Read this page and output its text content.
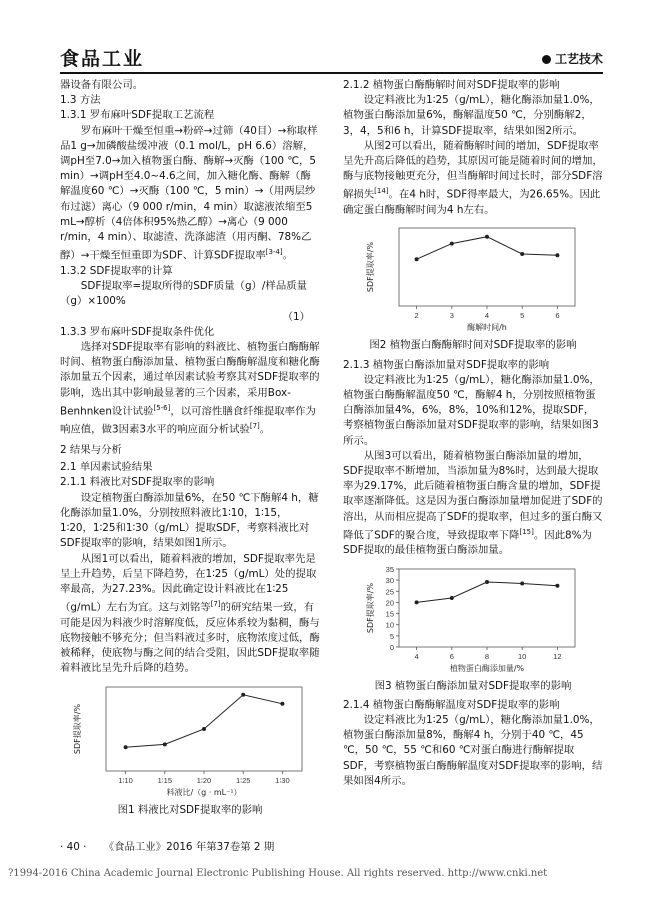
食品工业	工艺技术

器设备有限公司。

1.3 方法

1.3.1 罗布麻叶SDF提取工艺流程

罗布麻叶干燥至恒重→粉碎→过筛（40目）→称取样品1 g→加磷酸盐缓冲液（0.1 mol/L，pH 6.6）溶解，调pH至7.0→加入植物蛋白酶、酶解→灭酶（100 ℃，5 min）→调pH至4.0~4.6之间，加入糖化酶、酶解（酶解温度60 ℃）→灭酶（100 ℃，5 min）→（用两层纱布过滤）离心（9 000 r/min，4 min）取滤液浓缩至5 mL→醇析（4倍体积95%热乙醇）→离心（9 000 r/min，4 min）、取滤渣、洗涤滤渣（用丙酮、78%乙醇）→干燥至恒重即为SDF、计算SDF提取率[3-4]。

1.3.2 SDF提取率的计算

SDF提取率=提取所得的SDF质量（g）/样品质量（g）×100%

（1）

1.3.3 罗布麻叶SDF提取条件优化

选择对SDF提取率有影响的料液比、植物蛋白酶酶解时间、植物蛋白酶添加量、植物蛋白酶酶解温度和糖化酶添加量五个因素，通过单因素试验考察其对SDF提取率的影响，选出其中影响最显著的三个因素，采用Box-Benhnken设计试验[5-6]，以可溶性膳食纤维提取率作为响应值，做3因素3水平的响应面分析试验[7]。

2 结果与分析

2.1 单因素试验结果

2.1.1 料液比对SDF提取率的影响

设定植物蛋白酶添加量6%，在50 ℃下酶解4 h，糖化酶添加量1.0%，分别按照料液比1∶10，1∶15，1∶20，1∶25和1∶30（g/mL）提取SDF，考察料液比对SDF提取率的影响，结果如图1所示。

从图1可以看出，随着料液的增加，SDF提取率先是呈上升趋势，后呈下降趋势，在1∶25（g/mL）处的提取率最高，为27.23%。因此确定设计料液比在1∶25（g/mL）左右为宜。这与刘铭等[7]的研究结果一致，有可能是因为料液少时溶解度低，反应体系较为黏稠，酶与底物接触不够充分；但当料液过多时，底物浓度过低，酶被稀释，使底物与酶之间的结合受阻，因此SDF提取率随着料液比呈先升后降的趋势。

1∶10	1∶15	1∶20	1∶25	1∶30
料液比/（g · mL⁻¹）
SDF提取率/%

图1 料液比对SDF提取率的影响

2.1.2 植物蛋白酶酶解时间对SDF提取率的影响

设定料液比为1∶25（g/mL），糖化酶添加量1.0%，植物蛋白酶添加量6%，酶解温度50 ℃，分别酶解2，3，4，5和6 h，计算SDF提取率，结果如图2所示。

从图2可以看出，随着酶解时间的增加，SDF提取率呈先升高后降低的趋势，其原因可能是随着时间的增加，酶与底物接触更充分，但当酶解时间过长时，部分SDF溶解损失[14]。在4 h时，SDF得率最大，为26.65%。因此确定蛋白酶酶解时间为4 h左右。

2	3	4	5	6
酶解时间/h
SDF提取率/%

图2 植物蛋白酶酶解时间对SDF提取率的影响

2.1.3 植物蛋白酶添加量对SDF提取率的影响

设定料液比为1∶25（g/mL），糖化酶添加量1.0%，植物蛋白酶酶解温度50 ℃，酶解4 h，分别按照植物蛋白酶添加量4%，6%，8%，10%和12%，提取SDF，考察植物蛋白酶添加量对SDF提取率的影响，结果如图3所示。

从图3可以看出，随着植物蛋白酶添加量的增加，SDF提取率不断增加，当添加量为8%时，达到最大提取率为29.17%，此后随着植物蛋白酶含量的增加，SDF提取率逐渐降低。这是因为蛋白酶添加量增加促进了SDF的溶出，从而相应提高了SDF的提取率，但过多的蛋白酶又降低了SDF的聚合度，导致提取率下降[15]。因此8%为SDF提取的最佳植物蛋白酶添加量。

4	6	8	10	12
0
5
10
15
20
25
30
35
植物蛋白酶添加量/%
SDF提取率/%

图3 植物蛋白酶添加量对SDF提取率的影响

2.1.4 植物蛋白酶酶解温度对SDF提取率的影响

设定料液比为1∶25（g/mL），糖化酶添加量1.0%，植物蛋白酶添加量8%，酶解4 h，分别于40 ℃，45 ℃，50 ℃，55 ℃和60 ℃对蛋白酶进行酶解提取SDF，考察植物蛋白酶酶解温度对SDF提取率的影响，结果如图4所示。

· 40 · 《食品工业》2016 年第37卷第 2 期
?1994-2016 China Academic Journal Electronic Publishing House. All rights reserved. http://www.cnki.net
